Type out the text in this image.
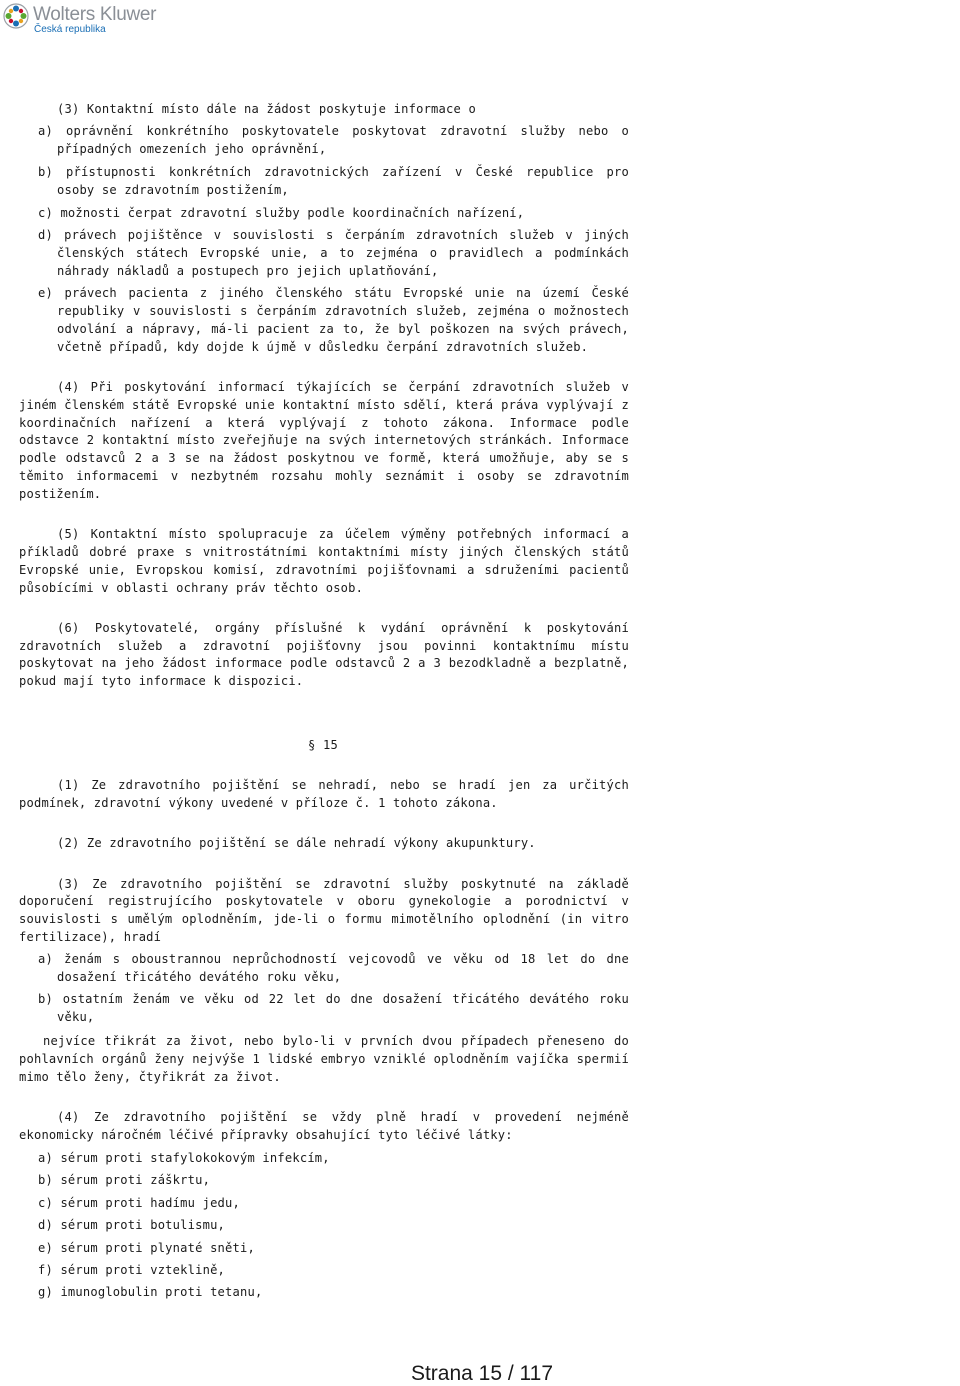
Wolters Kluwer
Česká republika

(3) Kontaktní místo dále na žádost poskytuje informace o

a) oprávnění konkrétního poskytovatele poskytovat zdravotní služby nebo o

případných omezeních jeho oprávnění,

b) přístupnosti konkrétních zdravotnických zařízení v České republice pro

osoby se zdravotním postižením,

c) možnosti čerpat zdravotní služby podle koordinačních nařízení,

d) právech pojištěnce v souvislosti s čerpáním zdravotních služeb v jiných

členských státech Evropské unie, a to zejména o pravidlech a podmínkách

náhrady nákladů a postupech pro jejich uplatňování,

e) právech pacienta z jiného členského státu Evropské unie na území České

republiky v souvislosti s čerpáním zdravotních služeb, zejména o možnostech

odvolání a nápravy, má-li pacient za to, že byl poškozen na svých právech,

včetně případů, kdy dojde k újmě v důsledku čerpání zdravotních služeb.

(4) Při poskytování informací týkajících se čerpání zdravotních služeb v

jiném členském státě Evropské unie kontaktní místo sdělí, která práva vyplývají z

koordinačních nařízení a která vyplývají z tohoto zákona. Informace podle

odstavce 2 kontaktní místo zveřejňuje na svých internetových stránkách. Informace

podle odstavců 2 a 3 se na žádost poskytnou ve formě, která umožňuje, aby se s

těmito informacemi v nezbytném rozsahu mohly seznámit i osoby se zdravotním

postižením.

(5) Kontaktní místo spolupracuje za účelem výměny potřebných informací a

příkladů dobré praxe s vnitrostátními kontaktními místy jiných členských států

Evropské unie, Evropskou komisí, zdravotními pojišťovnami a sdruženími pacientů

působícími v oblasti ochrany práv těchto osob.

(6) Poskytovatelé, orgány příslušné k vydání oprávnění k poskytování

zdravotních služeb a zdravotní pojišťovny jsou povinni kontaktnímu místu

poskytovat na jeho žádost informace podle odstavců 2 a 3 bezodkladně a bezplatně,

pokud mají tyto informace k dispozici.

§ 15

(1) Ze zdravotního pojištění se nehradí, nebo se hradí jen za určitých

podmínek, zdravotní výkony uvedené v příloze č. 1 tohoto zákona.

(2) Ze zdravotního pojištění se dále nehradí výkony akupunktury.

(3) Ze zdravotního pojištění se zdravotní služby poskytnuté na základě

doporučení registrujícího poskytovatele v oboru gynekologie a porodnictví v

souvislosti s umělým oplodněním, jde-li o formu mimotělního oplodnění (in vitro

fertilizace), hradí

a) ženám s oboustrannou neprůchodností vejcovodů ve věku od 18 let do dne

dosažení třicátého devátého roku věku,

b) ostatním ženám ve věku od 22 let do dne dosažení třicátého devátého roku

věku,

nejvíce třikrát za život, nebo bylo-li v prvních dvou případech přeneseno do

pohlavních orgánů ženy nejvýše 1 lidské embryo vzniklé oplodněním vajíčka spermií

mimo tělo ženy, čtyřikrát za život.

(4) Ze zdravotního pojištění se vždy plně hradí v provedení nejméně

ekonomicky náročném léčivé přípravky obsahující tyto léčivé látky:

a) sérum proti stafylokokovým infekcím,

b) sérum proti záškrtu,

c) sérum proti hadímu jedu,

d) sérum proti botulismu,

e) sérum proti plynaté sněti,

f) sérum proti vzteklině,

g) imunoglobulin proti tetanu,

Strana 15 / 117
